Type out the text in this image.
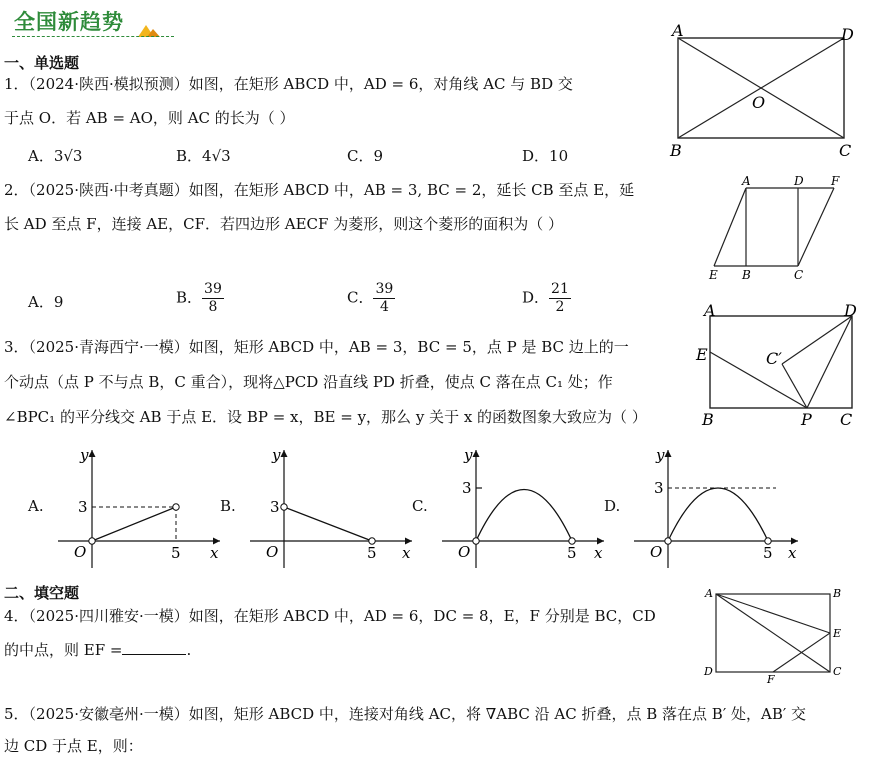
全国新趋势
一、单选题
1．（2024·陕西·模拟预测）如图，在矩形 ABCD 中，AD = 6，对角线 AC 与 BD 交
于点 O．若 AB = AO，则 AC 的长为（ ）
A．3√3	B．4√3	C．9	D．10
A	D
O
B	C
2．（2025·陕西·中考真题）如图，在矩形 ABCD 中，AB = 3, BC = 2，延长 CB 至点 E，延
长 AD 至点 F，连接 AE，CF．若四边形 AECF 为菱形，则这个菱形的面积为（ ）
A．9	B． $\frac{39}{8}$	C． $\frac{39}{4}$	D． $\frac{21}{2}$
A	D F
E B	C
3．（2025·青海西宁·一模）如图，矩形 ABCD 中，AB = 3，BC = 5，点 P 是 BC 边上的一
个动点（点 P 不与点 B，C 重合），现将△PCD 沿直线 PD 折叠，使点 C 落在点 C₁ 处；作
∠BPC₁ 的平分线交 AB 于点 E．设 BP = x，BE = y，那么 y 关于 x 的函数图象大致应为（ ）
A	D
E	C′
B	P C
A.	B.	C.	D.
y
x
O
3
5
y
x
O
3
5
y
x
O
3
5
y
x
O
3
5
二、填空题
4．（2025·四川雅安·一模）如图，在矩形 ABCD 中，AD = 6，DC = 8，E，F 分别是 BC，CD
的中点，则 EF =	.
A	B
E
D
F
C
5．（2025·安徽亳州·一模）如图，矩形 ABCD 中，连接对角线 AC，将 ∇ABC 沿 AC 折叠，点 B 落在点 B′ 处，AB′ 交
边 CD 于点 E，则：
